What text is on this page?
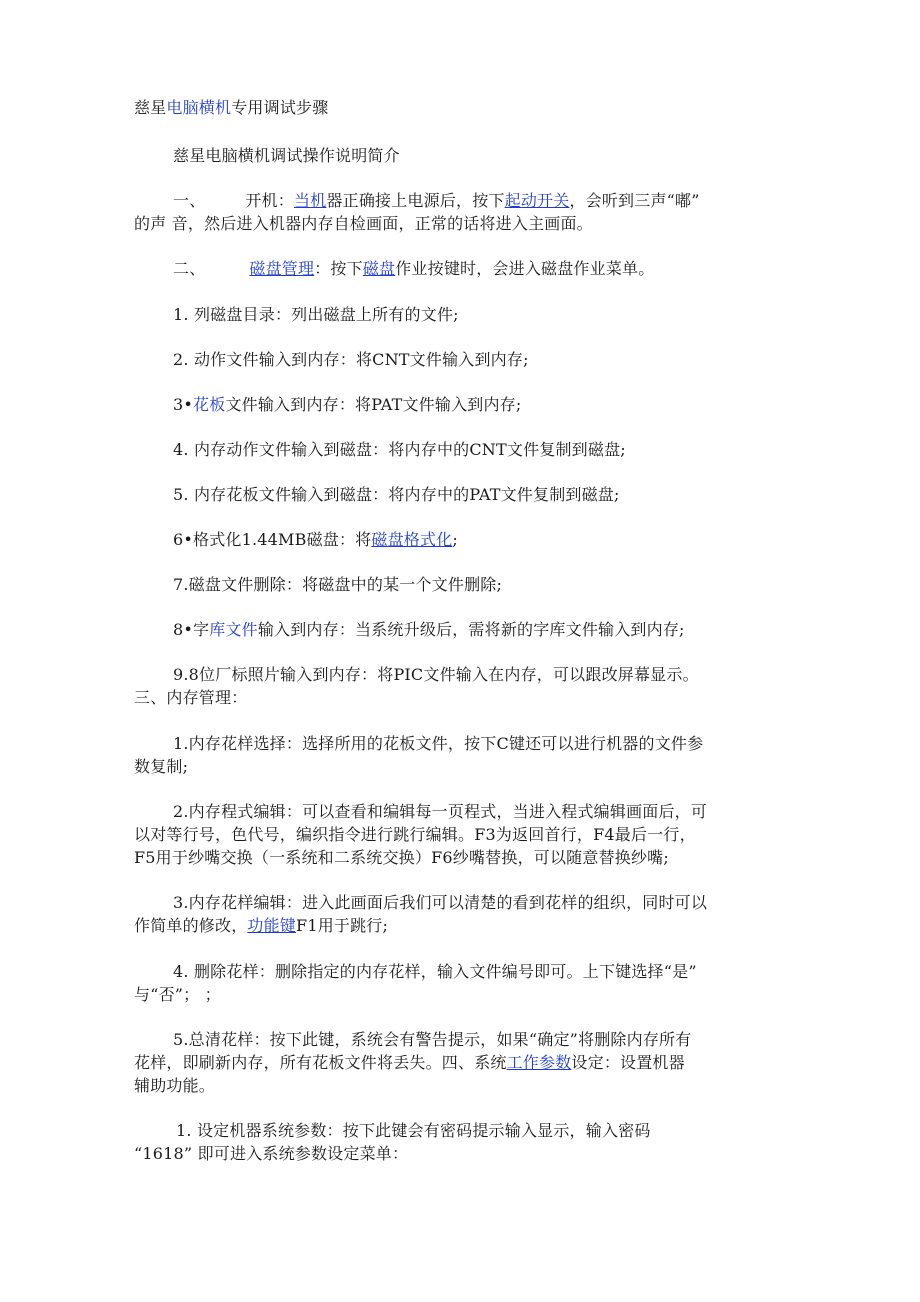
慈星电脑横机专用调试步骤
慈星电脑横机调试操作说明简介
一、	开机：当机器正确接上电源后，按下起动开关，会听到三声“嘟”
的声 音，然后进入机器内存自检画面，正常的话将进入主画面。
二、	磁盘管理：按下磁盘作业按键时，会进入磁盘作业菜单。
1. 列磁盘目录：列出磁盘上所有的文件;
2. 动作文件输入到内存：将CNT文件输入到内存;
3•花板文件输入到内存：将PAT文件输入到内存;
4. 内存动作文件输入到磁盘：将内存中的CNT文件复制到磁盘;
5. 内存花板文件输入到磁盘：将内存中的PAT文件复制到磁盘;
6•格式化1.44MB磁盘：将磁盘格式化;
7.磁盘文件删除：将磁盘中的某一个文件删除;
8•字库文件输入到内存：当系统升级后，需将新的字库文件输入到内存;
9.8位厂标照片输入到内存：将PIC文件输入在内存，可以跟改屏幕显示。
三、内存管理：
1.内存花样选择：选择所用的花板文件，按下C键还可以进行机器的文件参
数复制;
2.内存程式编辑：可以查看和编辑每一页程式，当进入程式编辑画面后，可
以对等行号，色代号，编织指令进行跳行编辑。F3为返回首行，F4最后一行，
F5用于纱嘴交换（一系统和二系统交换）F6纱嘴替换，可以随意替换纱嘴;
3.内存花样编辑：进入此画面后我们可以清楚的看到花样的组织，同时可以
作简单的修改，功能键F1用于跳行;
4. 删除花样：删除指定的内存花样，输入文件编号即可。上下键选择“是”
与“否”； ；
5.总清花样：按下此键，系统会有警告提示，如果“确定”将删除内存所有
花样，即刷新内存，所有花板文件将丢失。四、系统工作参数设定：设置机器
辅助功能。
1. 设定机器系统参数：按下此键会有密码提示输入显示，输入密码
“1618” 即可进入系统参数设定菜单：
